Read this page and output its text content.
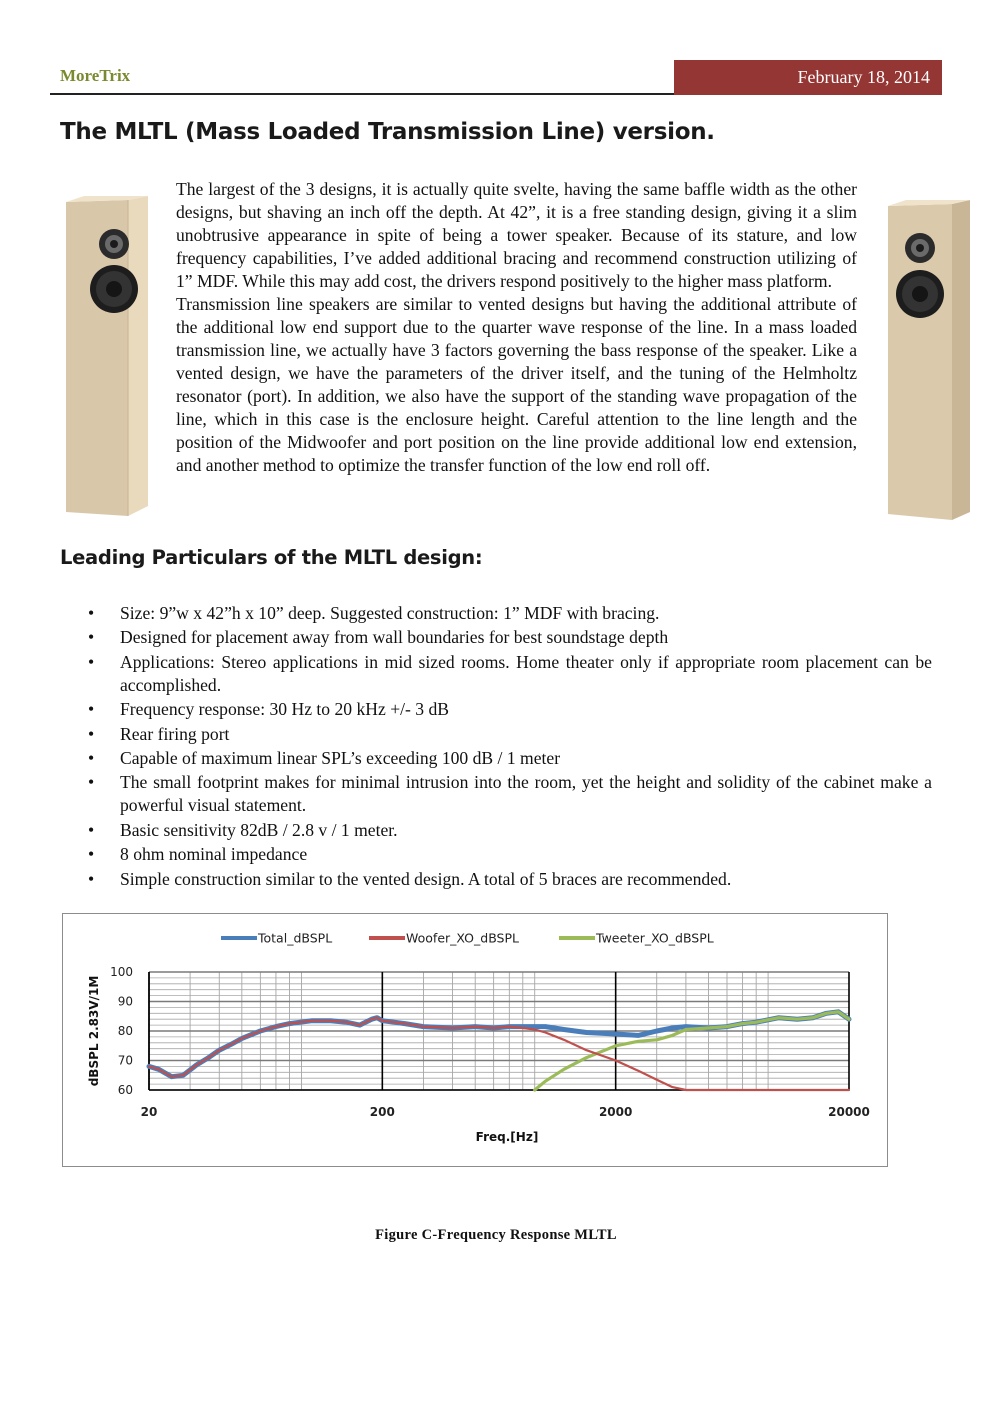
MoreTrix	February 18, 2014
The MLTL (Mass Loaded Transmission Line) version.

The largest of the 3 designs, it is actually quite svelte, having the same baffle width as the other designs, but shaving an inch off the depth. At 42”, it is a free standing design, giving it a slim unobtrusive appearance in spite of being a tower speaker. Because of its stature, and low frequency capabilities, I’ve added additional bracing and recommend construction utilizing of 1” MDF. While this may add cost, the drivers respond positively to the higher mass platform.

Transmission line speakers are similar to vented designs but having the additional attribute of the additional low end support due to the quarter wave response of the line. In a mass loaded transmission line, we actually have 3 factors governing the bass response of the speaker. Like a vented design, we have the parameters of the driver itself, and the tuning of the Helmholtz resonator (port). In addition, we also have the support of the standing wave propagation of the line, which in this case is the enclosure height. Careful attention to the line length and the position of the Midwoofer and port position on the line provide additional low end extension, and another method to optimize the transfer function of the low end roll off.

Leading Particulars of the MLTL design:
• Size: 9”w x 42”h x 10” deep. Suggested construction: 1” MDF with bracing.
• Designed for placement away from wall boundaries for best soundstage depth
• Applications: Stereo applications in mid sized rooms. Home theater only if appropriate room placement can be accomplished.
• Frequency response: 30 Hz to 20 kHz +/- 3 dB
• Rear firing port
• Capable of maximum linear SPL’s exceeding 100 dB / 1 meter
• The small footprint makes for minimal intrusion into the room, yet the height and solidity of the cabinet make a powerful visual statement.
• Basic sensitivity 82dB / 2.8 v / 1 meter.
• 8 ohm nominal impedance
• Simple construction similar to the vented design. A total of 5 braces are recommended.
100
90
80
70
60
20	200	2000	20000
Freq.[Hz]
dBSPL 2.83V/1M
Total_dBSPL	Woofer_XO_dBSPL	Tweeter_XO_dBSPL
Figure C-Frequency Response MLTL
